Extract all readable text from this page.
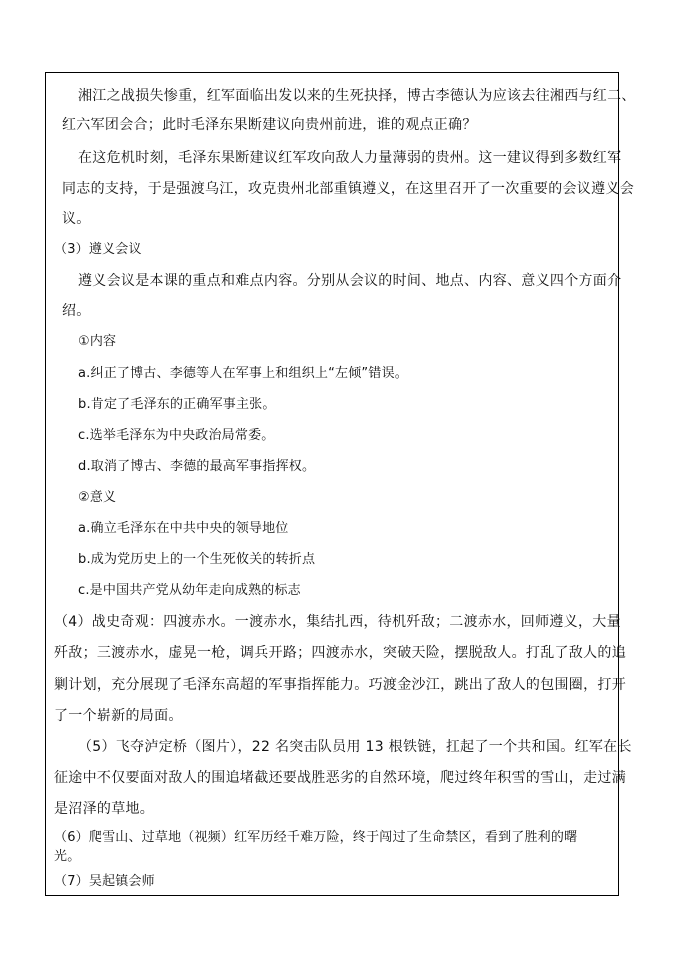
湘江之战损失惨重，红军面临出发以来的生死抉择，博古李德认为应该去往湘西与红二、
红六军团会合；此时毛泽东果断建议向贵州前进，谁的观点正确？
在这危机时刻，毛泽东果断建议红军攻向敌人力量薄弱的贵州。这一建议得到多数红军
同志的支持，于是强渡乌江，攻克贵州北部重镇遵义，在这里召开了一次重要的会议遵义会
议。
（3）遵义会议
遵义会议是本课的重点和难点内容。分别从会议的时间、地点、内容、意义四个方面介
绍。
①内容
a.纠正了博古、李德等人在军事上和组织上“左倾”错误。
b.肯定了毛泽东的正确军事主张。
c.选举毛泽东为中央政治局常委。
d.取消了博古、李德的最高军事指挥权。
②意义
a.确立毛泽东在中共中央的领导地位
b.成为党历史上的一个生死攸关的转折点
c.是中国共产党从幼年走向成熟的标志
（4）战史奇观：四渡赤水。一渡赤水，集结扎西，待机歼敌；二渡赤水，回师遵义，大量
歼敌；三渡赤水，虚晃一枪，调兵开路；四渡赤水，突破天险，摆脱敌人。打乱了敌人的追
剿计划，充分展现了毛泽东高超的军事指挥能力。巧渡金沙江，跳出了敌人的包围圈，打开
了一个崭新的局面。
（5）飞夺泸定桥（图片），22 名突击队员用 13 根铁链，扛起了一个共和国。红军在长
征途中不仅要面对敌人的围追堵截还要战胜恶劣的自然环境，爬过终年积雪的雪山，走过满
是沼泽的草地。
（6）爬雪山、过草地（视频）红军历经千难万险，终于闯过了生命禁区，看到了胜利的曙
光。
（7）吴起镇会师
